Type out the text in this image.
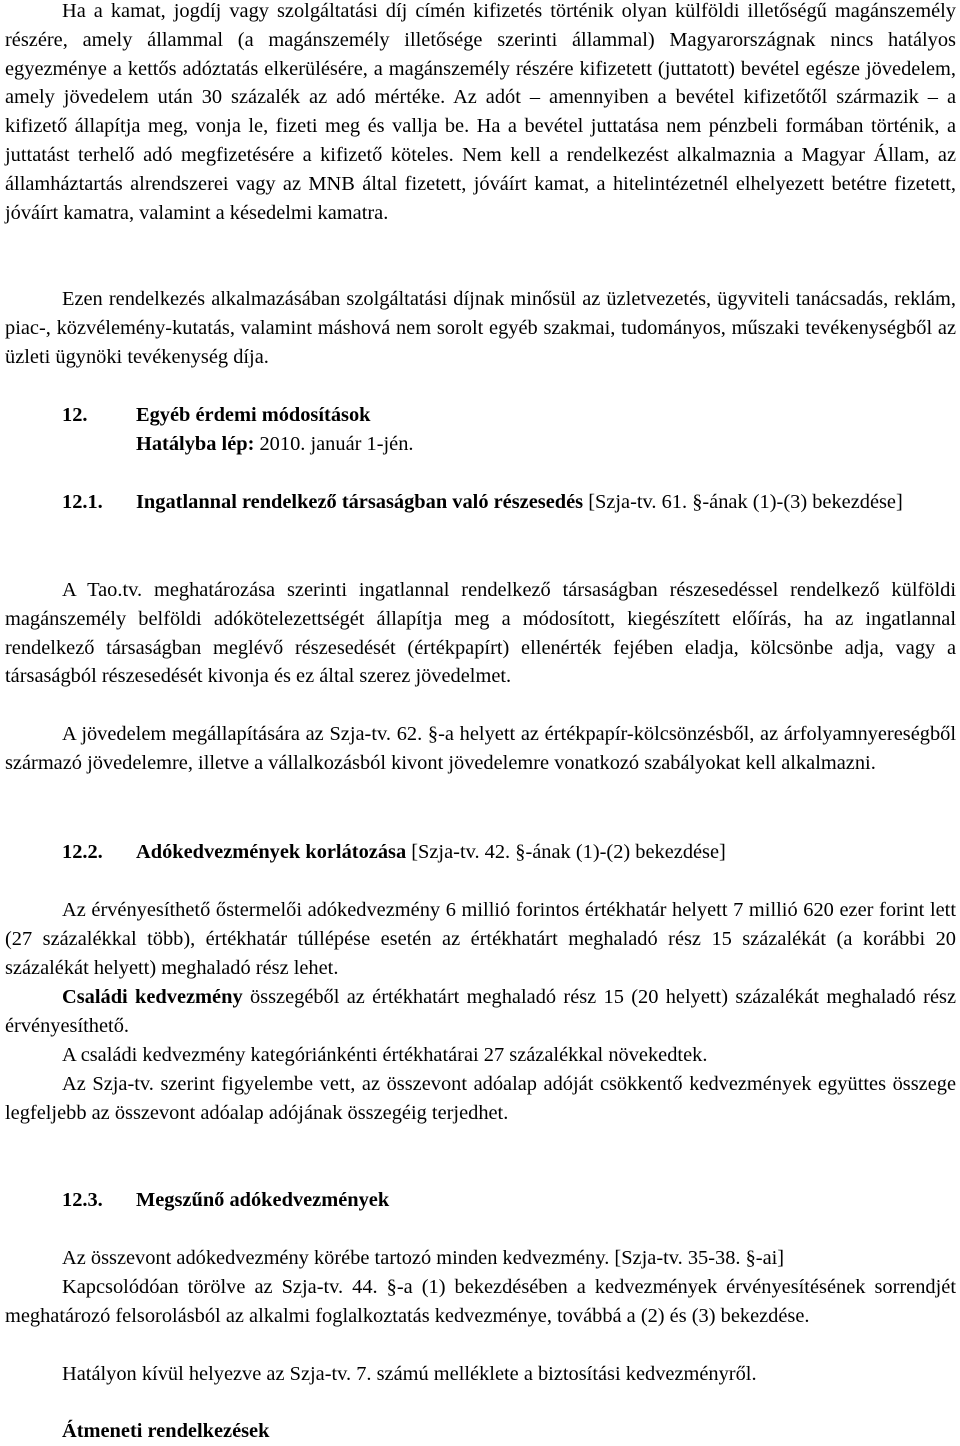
Ha a kamat, jogdíj vagy szolgáltatási díj címén kifizetés történik olyan külföldi illetőségű magánszemély részére, amely állammal (a magánszemély illetősége szerinti állammal) Magyarországnak nincs hatályos egyezménye a kettős adóztatás elkerülésére, a magánszemély részére kifizetett (juttatott) bevétel egésze jövedelem, amely jövedelem után 30 százalék az adó mértéke. Az adót – amennyiben a bevétel kifizetőtől származik – a kifizető állapítja meg, vonja le, fizeti meg és vallja be. Ha a bevétel juttatása nem pénzbeli formában történik, a juttatást terhelő adó megfizetésére a kifizető köteles. Nem kell a rendelkezést alkalmaznia a Magyar Állam, az államháztartás alrendszerei vagy az MNB által fizetett, jóváírt kamat, a hitelintézetnél elhelyezett betétre fizetett, jóváírt kamatra, valamint a késedelmi kamatra.

Ezen rendelkezés alkalmazásában szolgáltatási díjnak minősül az üzletvezetés, ügyviteli tanácsadás, reklám, piac-, közvélemény-kutatás, valamint máshová nem sorolt egyéb szakmai, tudományos, műszaki tevékenységből az üzleti ügynöki tevékenység díja.

12.	Egyéb érdemi módosítások
Hatályba lép: 2010. január 1-jén.
12.1.	Ingatlannal rendelkező társaságban való részesedés [Szja-tv. 61. §-ának (1)-(3) bekezdése]

A Tao.tv. meghatározása szerinti ingatlannal rendelkező társaságban részesedéssel rendelkező külföldi magánszemély belföldi adókötelezettségét állapítja meg a módosított, kiegészített előírás, ha az ingatlannal rendelkező társaságban meglévő részesedését (értékpapírt) ellenérték fejében eladja, kölcsönbe adja, vagy a társaságból részesedését kivonja és ez által szerez jövedelmet.

A jövedelem megállapítására az Szja-tv. 62. §-a helyett az értékpapír-kölcsönzésből, az árfolyamnyereségből származó jövedelemre, illetve a vállalkozásból kivont jövedelemre vonatkozó szabályokat kell alkalmazni.

12.2.	Adókedvezmények korlátozása [Szja-tv. 42. §-ának (1)-(2) bekezdése]

Az érvényesíthető őstermelői adókedvezmény 6 millió forintos értékhatár helyett 7 millió 620 ezer forint lett (27 százalékkal több), értékhatár túllépése esetén az értékhatárt meghaladó rész 15 százalékát (a korábbi 20 százalékát helyett) meghaladó rész lehet.

Családi kedvezmény összegéből az értékhatárt meghaladó rész 15 (20 helyett) százalékát meghaladó rész érvényesíthető.

A családi kedvezmény kategóriánkénti értékhatárai 27 százalékkal növekedtek.

Az Szja-tv. szerint figyelembe vett, az összevont adóalap adóját csökkentő kedvezmények együttes összege legfeljebb az összevont adóalap adójának összegéig terjedhet.

12.3.	Megszűnő adókedvezmények

Az összevont adókedvezmény körébe tartozó minden kedvezmény. [Szja-tv. 35-38. §-ai]

Kapcsolódóan törölve az Szja-tv. 44. §-a (1) bekezdésében a kedvezmények érvényesítésének sorrendjét meghatározó felsorolásból az alkalmi foglalkoztatás kedvezménye, továbbá a (2) és (3) bekezdése.

Hatályon kívül helyezve az Szja-tv. 7. számú melléklete a biztosítási kedvezményről.

Átmeneti rendelkezések
